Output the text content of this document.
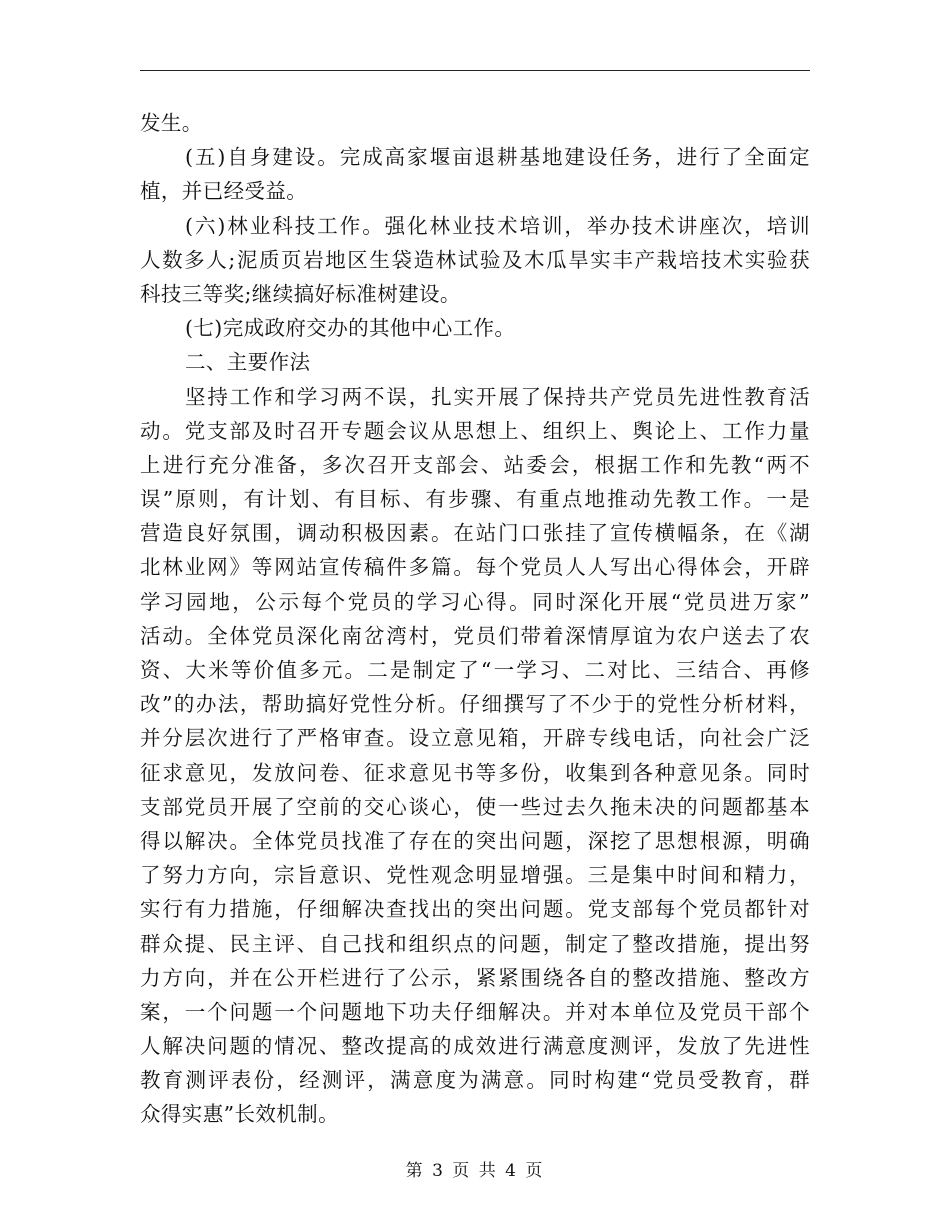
发生。
(五)自身建设。完成高家堰亩退耕基地建设任务，进行了全面定
植，并已经受益。
(六)林业科技工作。强化林业技术培训，举办技术讲座次，培训
人数多人;泥质页岩地区生袋造林试验及木瓜旱实丰产栽培技术实验获
科技三等奖;继续搞好标准树建设。
(七)完成政府交办的其他中心工作。
二、主要作法
坚持工作和学习两不误，扎实开展了保持共产党员先进性教育活
动。党支部及时召开专题会议从思想上、组织上、舆论上、工作力量
上进行充分准备，多次召开支部会、站委会，根据工作和先教“两不
误”原则，有计划、有目标、有步骤、有重点地推动先教工作。一是
营造良好氛围，调动积极因素。在站门口张挂了宣传横幅条，在《湖
北林业网》等网站宣传稿件多篇。每个党员人人写出心得体会，开辟
学习园地，公示每个党员的学习心得。同时深化开展“党员进万家”
活动。全体党员深化南岔湾村，党员们带着深情厚谊为农户送去了农
资、大米等价值多元。二是制定了“一学习、二对比、三结合、再修
改”的办法，帮助搞好党性分析。仔细撰写了不少于的党性分析材料，
并分层次进行了严格审查。设立意见箱，开辟专线电话，向社会广泛
征求意见，发放问卷、征求意见书等多份，收集到各种意见条。同时
支部党员开展了空前的交心谈心，使一些过去久拖未决的问题都基本
得以解决。全体党员找准了存在的突出问题，深挖了思想根源，明确
了努力方向，宗旨意识、党性观念明显增强。三是集中时间和精力，
实行有力措施，仔细解决查找出的突出问题。党支部每个党员都针对
群众提、民主评、自己找和组织点的问题，制定了整改措施，提出努
力方向，并在公开栏进行了公示，紧紧围绕各自的整改措施、整改方
案，一个问题一个问题地下功夫仔细解决。并对本单位及党员干部个
人解决问题的情况、整改提高的成效进行满意度测评，发放了先进性
教育测评表份，经测评，满意度为满意。同时构建“党员受教育，群
众得实惠”长效机制。
第 3 页 共 4 页
